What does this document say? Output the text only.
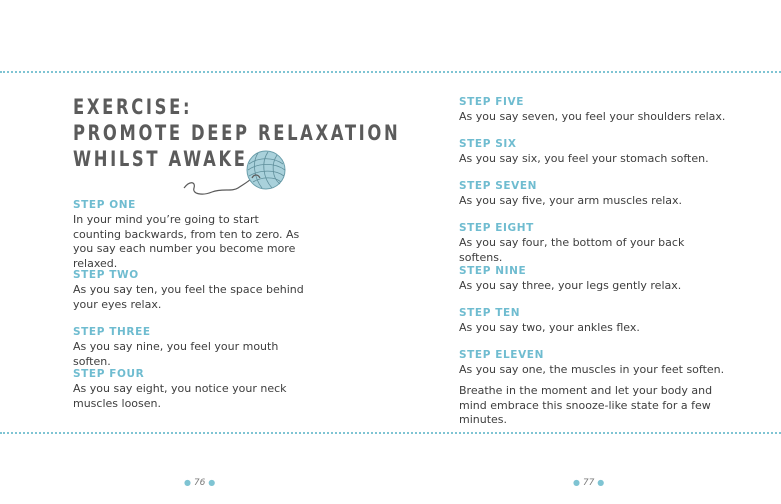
EXERCISE:
PROMOTE DEEP RELAXATION
WHILST AWAKE
STEP ONE
In your mind you’re going to start counting backwards, from ten to zero. As you say each number you become more relaxed.
STEP TWO
As you say ten, you feel the space behind your eyes relax.
STEP THREE
As you say nine, you feel your mouth soften.
STEP FOUR
As you say eight, you notice your neck muscles loosen.
STEP FIVE
As you say seven, you feel your shoulders relax.
STEP SIX
As you say six, you feel your stomach soften.
STEP SEVEN
As you say five, your arm muscles relax.
STEP EIGHT
As you say four, the bottom of your back softens.
STEP NINE
As you say three, your legs gently relax.
STEP TEN
As you say two, your ankles flex.
STEP ELEVEN
As you say one, the muscles in your feet soften.
Breathe in the moment and let your body and mind embrace this snooze-like state for a few minutes.
● 76 ●	● 77 ●
